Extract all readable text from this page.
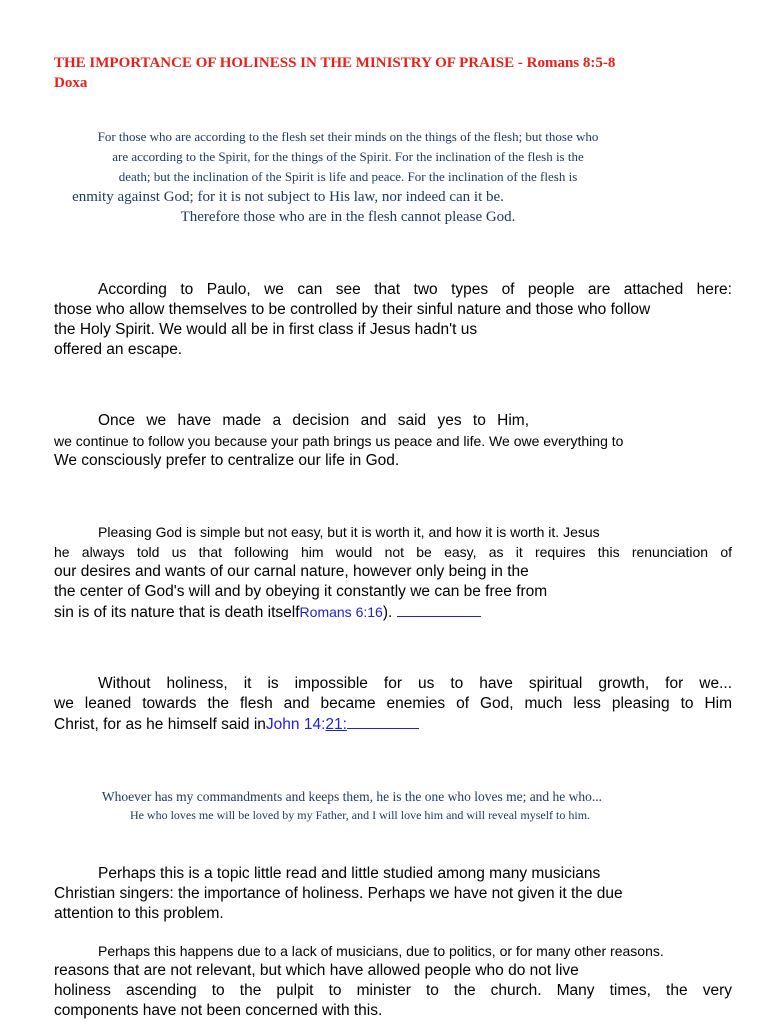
THE IMPORTANCE OF HOLINESS IN THE MINISTRY OF PRAISE - Romans 8:5-8
Doxa
For those who are according to the flesh set their minds on the things of the flesh; but those who
are according to the Spirit, for the things of the Spirit. For the inclination of the flesh is the
death; but the inclination of the Spirit is life and peace. For the inclination of the flesh is
enmity against God; for it is not subject to His law, nor indeed can it be.
Therefore those who are in the flesh cannot please God.
According to Paulo, we can see that two types of people are attached here:
those who allow themselves to be controlled by their sinful nature and those who follow
the Holy Spirit. We would all be in first class if Jesus hadn't us
offered an escape.
Once we have made a decision and said yes to Him,
we continue to follow you because your path brings us peace and life. We owe everything to
We consciously prefer to centralize our life in God.
Pleasing God is simple but not easy, but it is worth it, and how it is worth it. Jesus
he always told us that following him would not be easy, as it requires this renunciation of
our desires and wants of our carnal nature, however only being in the
the center of God's will and by obeying it constantly we can be free from
sin is of its nature that is death itselfRomans 6:16).
Without holiness, it is impossible for us to have spiritual growth, for we...
we leaned towards the flesh and became enemies of God, much less pleasing to Him
Christ, for as he himself said inJohn 14:21:
Whoever has my commandments and keeps them, he is the one who loves me; and he who...
He who loves me will be loved by my Father, and I will love him and will reveal myself to him.
Perhaps this is a topic little read and little studied among many musicians
Christian singers: the importance of holiness. Perhaps we have not given it the due
attention to this problem.
Perhaps this happens due to a lack of musicians, due to politics, or for many other reasons.
reasons that are not relevant, but which have allowed people who do not live
holiness ascending to the pulpit to minister to the church. Many times, the very
components have not been concerned with this.
